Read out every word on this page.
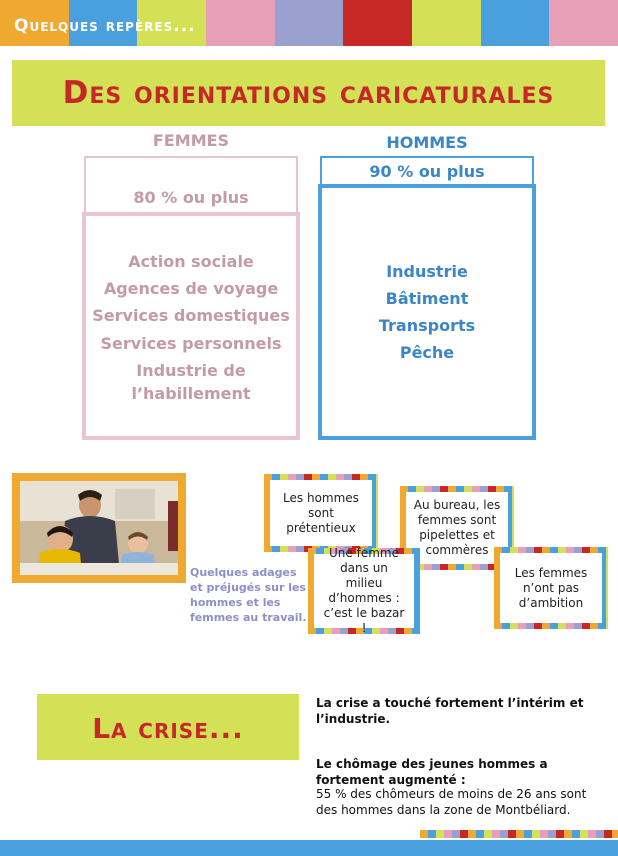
Quelques repères...
Des orientations caricaturales
FEMMES
80 % ou plus
Action sociale
Agences de voyage
Services domestiques
Services personnels
Industrie de
l’habillement
HOMMES
90 % ou plus
Industrie
Bâtiment
Transports
Pêche
Quelques adages et préjugés sur les hommes et les femmes au travail.
Les hommes sont prétentieux
Au bureau, les femmes sont pipelettes et commères
Une femme dans un milieu d’hommes : c’est le bazar !
Les femmes n’ont pas d’ambition
La crise...
La crise a touché fortement l’intérim et l’industrie.
Le chômage des jeunes hommes a fortement augmenté :
55 % des chômeurs de moins de 26 ans sont des hommes dans la zone de Montbéliard.
